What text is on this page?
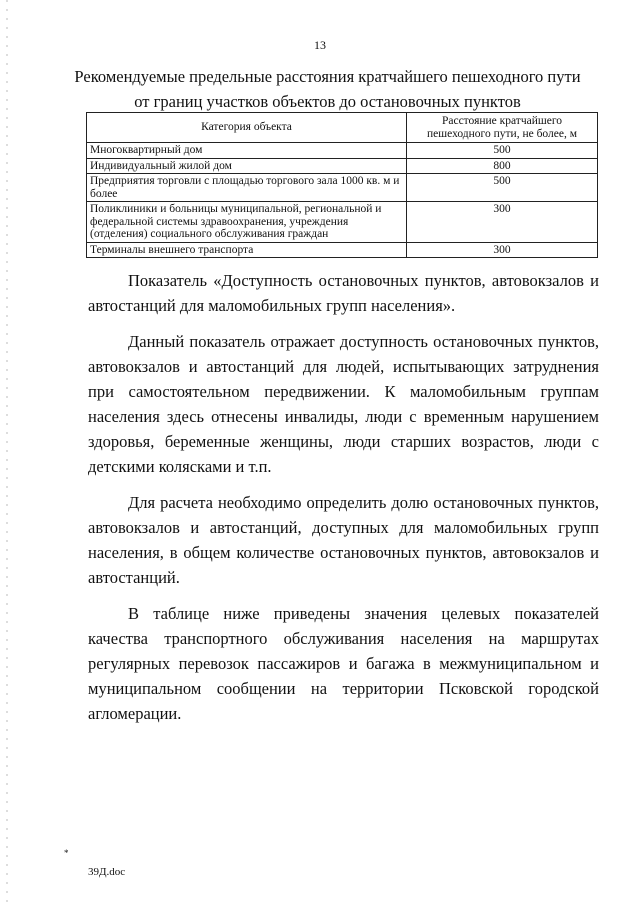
13
Рекомендуемые предельные расстояния кратчайшего пешеходного пути
от границ участков объектов до остановочных пунктов
Категория объекта	Расстояние кратчайшего пешеходного пути, не более, м
Многоквартирный дом	500
Индивидуальный жилой дом	800
Предприятия торговли с площадью торгового зала 1000 кв. м и более	500
Поликлиники и больницы муниципальной, региональной и федеральной системы здравоохранения, учреждения (отделения) социального обслуживания граждан	300
Терминалы внешнего транспорта	300

Показатель «Доступность остановочных пунктов, автовокзалов и автостанций для маломобильных групп населения».

Данный показатель отражает доступность остановочных пунктов, автовокзалов и автостанций для людей, испытывающих затруднения при самостоятельном передвижении. К маломобильным группам населения здесь отнесены инвалиды, люди с временным нарушением здоровья, беременные женщины, люди старших возрастов, люди с детскими колясками и т.п.

Для расчета необходимо определить долю остановочных пунктов, автовокзалов и автостанций, доступных для маломобильных групп населения, в общем количестве остановочных пунктов, автовокзалов и автостанций.

В таблице ниже приведены значения целевых показателей качества транспортного обслуживания населения на маршрутах регулярных перевозок пассажиров и багажа в межмуниципальном и муниципальном сообщении на территории Псковской городской агломерации.

*
39Д.doc
